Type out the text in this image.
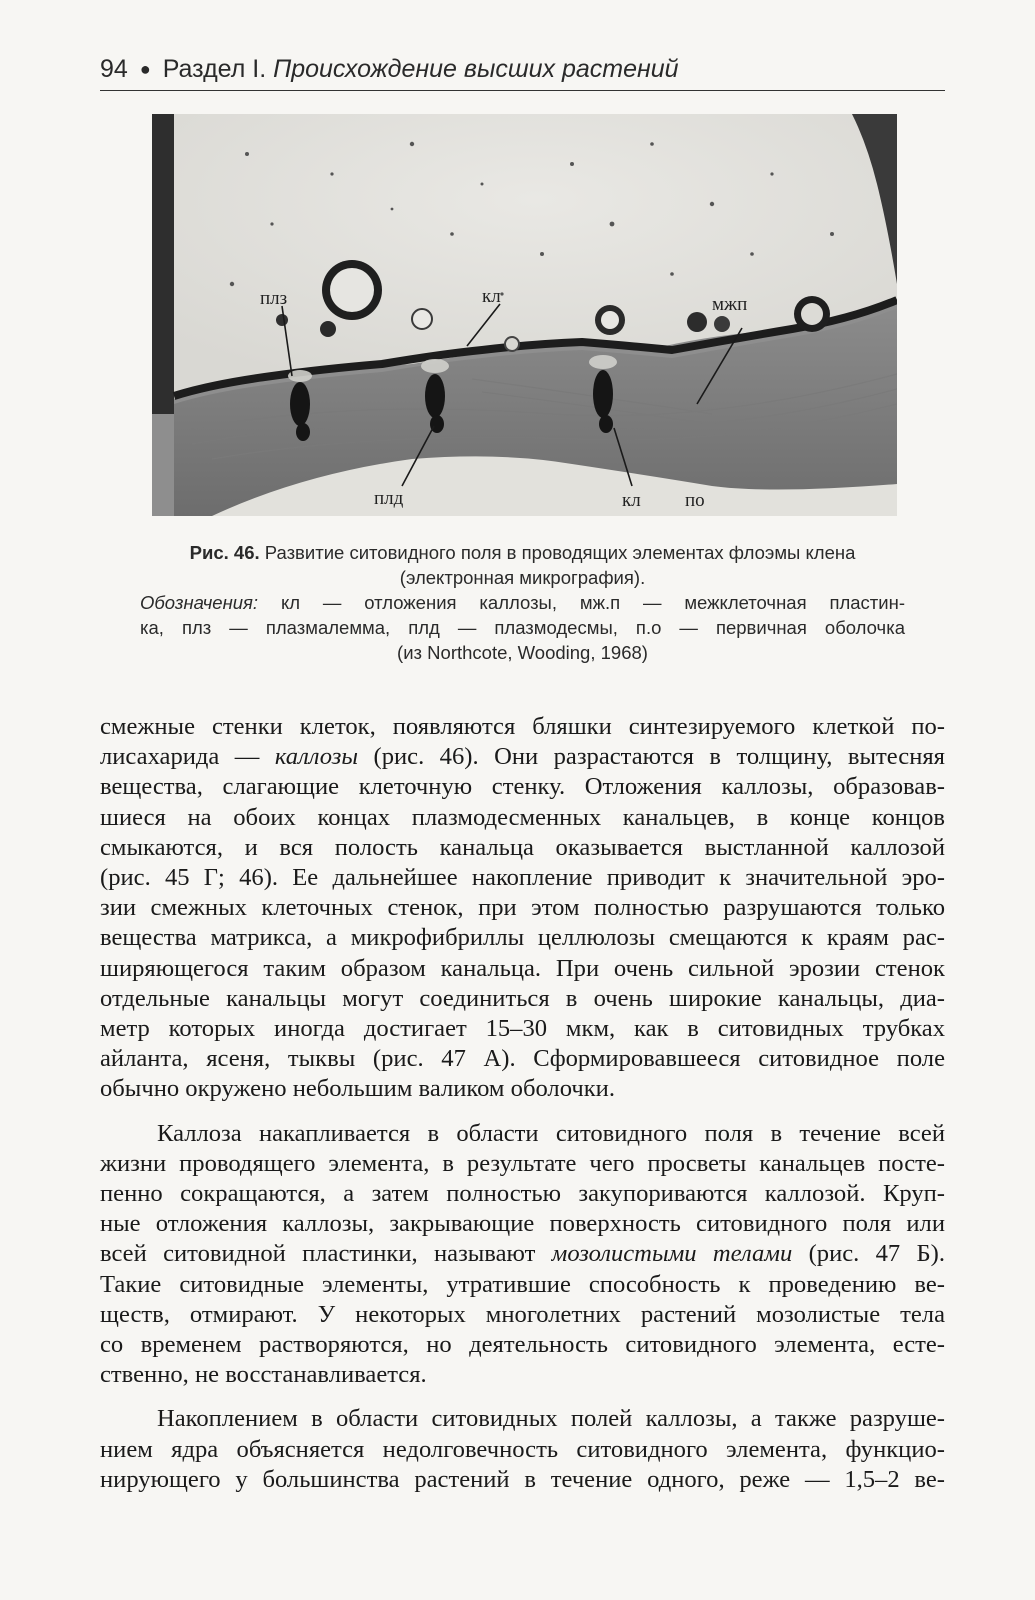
94 ● Раздел I. Происхождение высших растений
плз	кл	мжп
плд	кл по

Рис. 46. Развитие ситовидного поля в проводящих элементах флоэмы клена

(электронная микрография).

Обозначения: кл — отложения каллозы, мж.п — межклеточная пластин-

ка, плз — плазмалемма, плд — плазмодесмы, п.о — первичная оболочка

(из Northcote, Wooding, 1968)

смежные стенки клеток, появляются бляшки синтезируемого клеткой по-
лисахарида — каллозы (рис. 46). Они разрастаются в толщину, вытесняя
вещества, слагающие клеточную стенку. Отложения каллозы, образовав-
шиеся на обоих концах плазмодесменных канальцев, в конце концов
смыкаются, и вся полость канальца оказывается выстланной каллозой
(рис. 45 Г; 46). Ее дальнейшее накопление приводит к значительной эро-
зии смежных клеточных стенок, при этом полностью разрушаются только
вещества матрикса, а микрофибриллы целлюлозы смещаются к краям рас-
ширяющегося таким образом канальца. При очень сильной эрозии стенок
отдельные канальцы могут соединиться в очень широкие канальцы, диа-
метр которых иногда достигает 15–30 мкм, как в ситовидных трубках
айланта, ясеня, тыквы (рис. 47 А). Сформировавшееся ситовидное поле
обычно окружено небольшим валиком оболочки.
Каллоза накапливается в области ситовидного поля в течение всей
жизни проводящего элемента, в результате чего просветы канальцев посте-
пенно сокращаются, а затем полностью закупориваются каллозой. Круп-
ные отложения каллозы, закрывающие поверхность ситовидного поля или
всей ситовидной пластинки, называют мозолистыми телами (рис. 47 Б).
Такие ситовидные элементы, утратившие способность к проведению ве-
ществ, отмирают. У некоторых многолетних растений мозолистые тела
со временем растворяются, но деятельность ситовидного элемента, есте-
ственно, не восстанавливается.
Накоплением в области ситовидных полей каллозы, а также разруше-
нием ядра объясняется недолговечность ситовидного элемента, функцио-
нирующего у большинства растений в течение одного, реже — 1,5–2 ве-
